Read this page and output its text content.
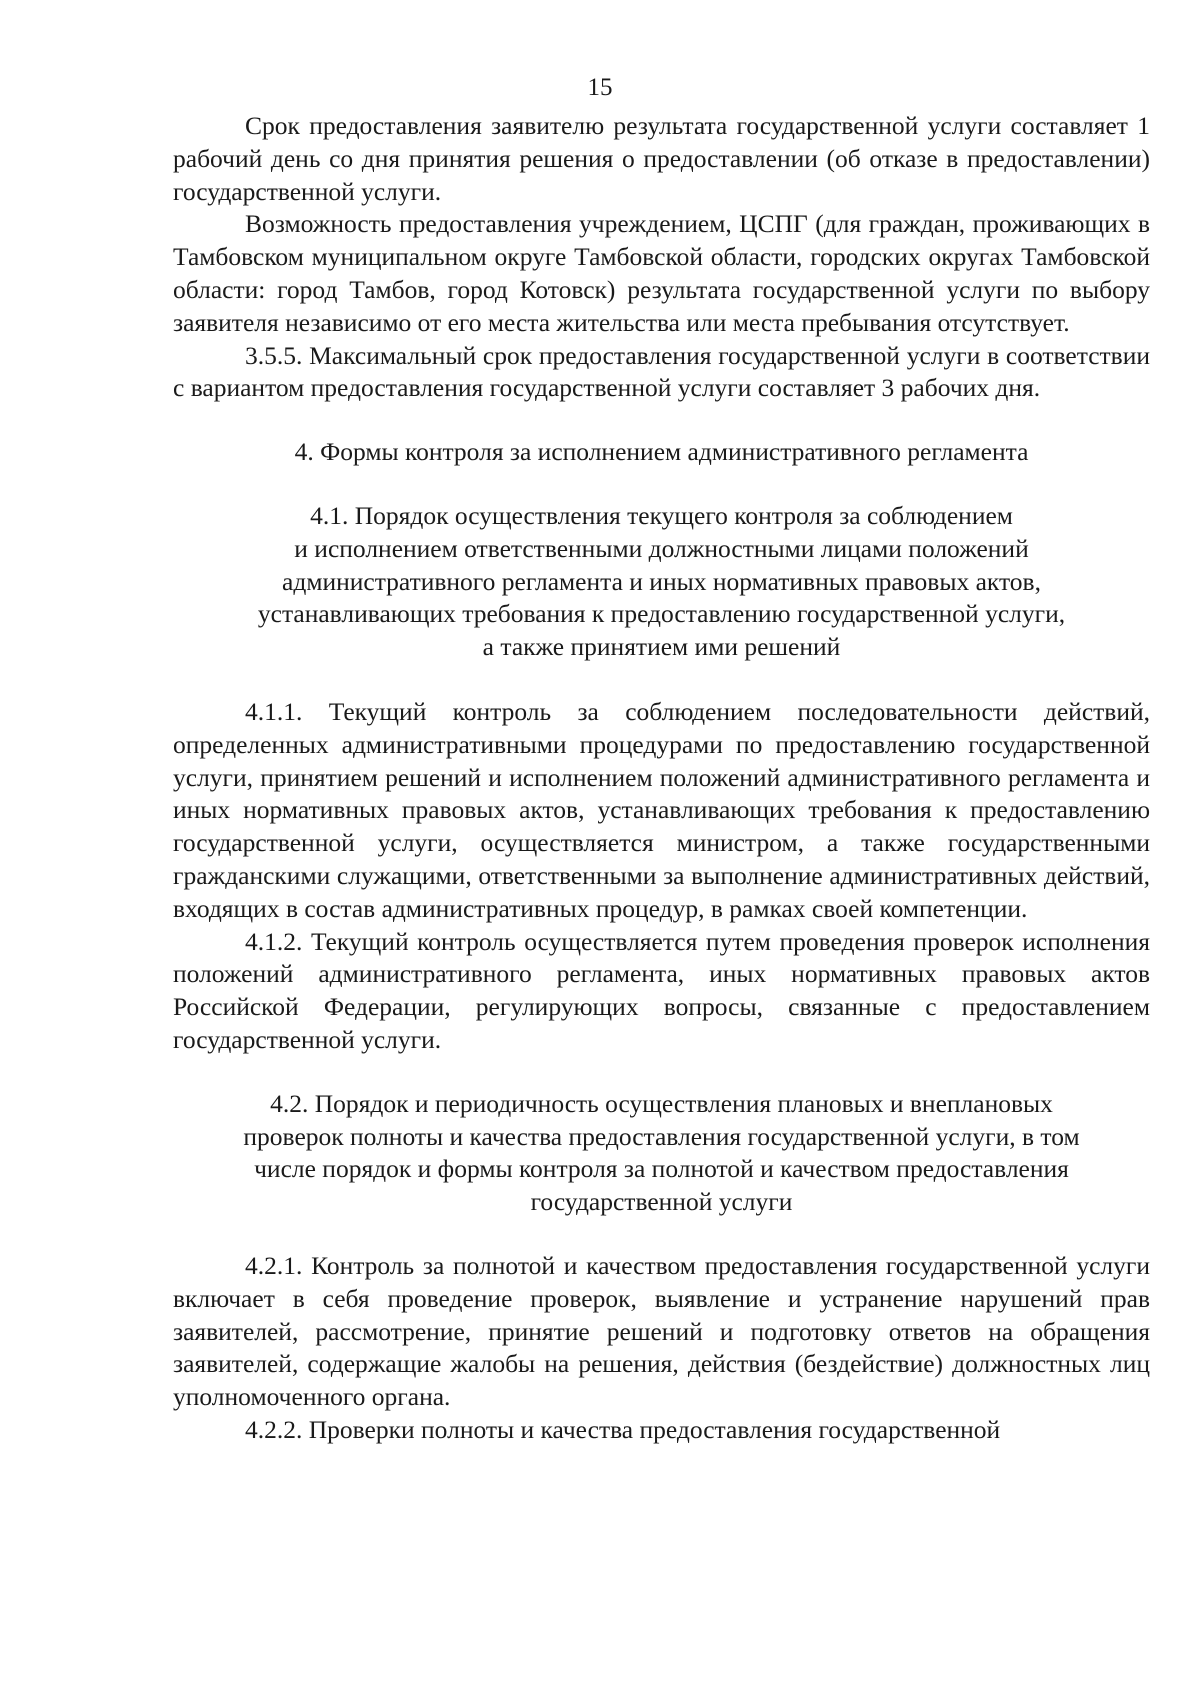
15

Срок предоставления заявителю результата государственной услуги составляет 1 рабочий день со дня принятия решения о предоставлении (об отказе в предоставлении) государственной услуги.

Возможность предоставления учреждением, ЦСПГ (для граждан, проживающих в Тамбовском муниципальном округе Тамбовской области, городских округах Тамбовской области: город Тамбов, город Котовск) результата государственной услуги по выбору заявителя независимо от его места жительства или места пребывания отсутствует.

3.5.5. Максимальный срок предоставления государственной услуги в соответствии с вариантом предоставления государственной услуги составляет 3 рабочих дня.

4. Формы контроля за исполнением административного регламента

4.1. Порядок осуществления текущего контроля за соблюдением
и исполнением ответственными должностными лицами положений
административного регламента и иных нормативных правовых актов,
устанавливающих требования к предоставлению государственной услуги,
а также принятием ими решений

4.1.1. Текущий контроль за соблюдением последовательности действий, определенных административными процедурами по предоставлению государственной услуги, принятием решений и исполнением положений административного регламента и иных нормативных правовых актов, устанавливающих требования к предоставлению государственной услуги, осуществляется министром, а также государственными гражданскими служащими, ответственными за выполнение административных действий, входящих в состав административных процедур, в рамках своей компетенции.

4.1.2. Текущий контроль осуществляется путем проведения проверок исполнения положений административного регламента, иных нормативных правовых актов Российской Федерации, регулирующих вопросы, связанные с предоставлением государственной услуги.

4.2. Порядок и периодичность осуществления плановых и внеплановых
проверок полноты и качества предоставления государственной услуги, в том
числе порядок и формы контроля за полнотой и качеством предоставления
государственной услуги

4.2.1. Контроль за полнотой и качеством предоставления государственной услуги включает в себя проведение проверок, выявление и устранение нарушений прав заявителей, рассмотрение, принятие решений и подготовку ответов на обращения заявителей, содержащие жалобы на решения, действия (бездействие) должностных лиц уполномоченного органа.

4.2.2. Проверки полноты и качества предоставления государственной
